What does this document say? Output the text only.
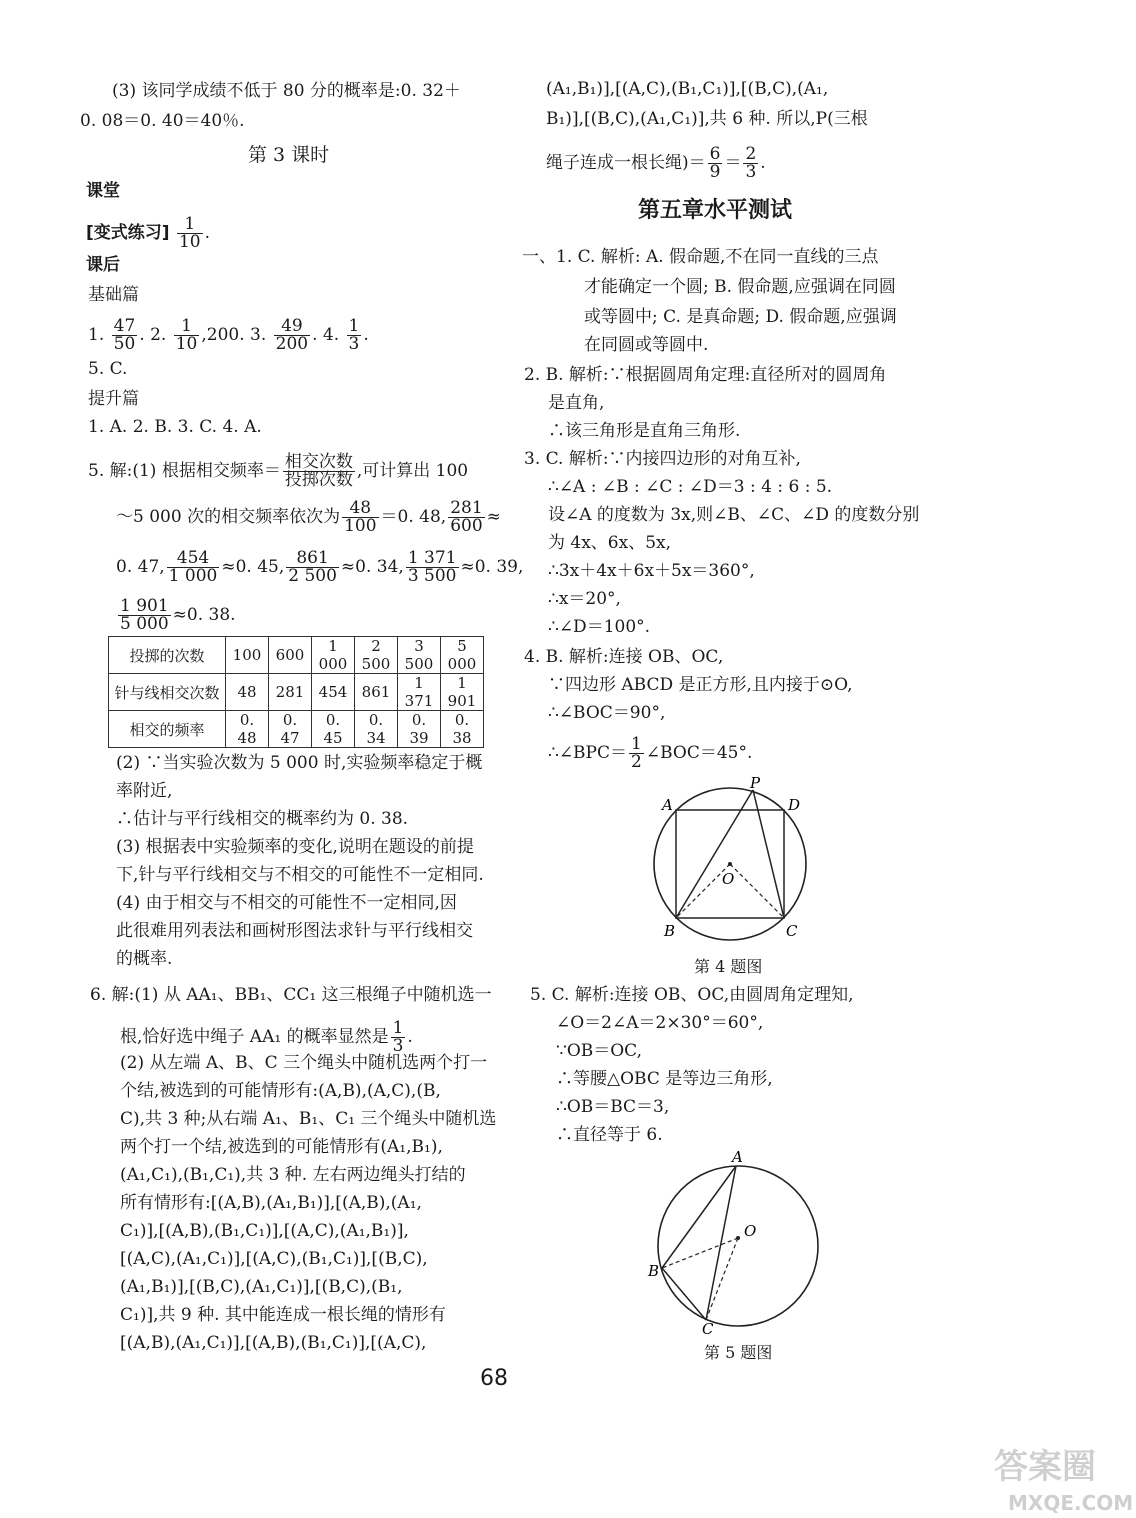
(3) 该同学成绩不低于 80 分的概率是:0. 32＋
0. 08＝0. 40＝40％.
第 3 课时
课堂
[变式练习] $\frac{1}{10}$ .
课后
基础篇
1. $\frac{47}{50}$ . 2. $\frac{1}{10} ,200$. 3. $\frac{49}{200}$ . 4. $\frac{1}{3}$ .
5. C.
提升篇
1. A. 2. B. 3. C. 4. A.
5. 解:(1) 根据相交频率＝ $\frac{\text{相交次数}}{\text{投掷次数}}$ ,可计算出 100
～5 000 次的相交频率依次为 $\frac{48}{100} =0$. 48, $\frac{281}{600}$ ≈
0. 47, $\frac{454}{1 000} \approx 0$. 45, $\frac{861}{2 500} \approx 0$. 34, $\frac{1 371}{3 500} \approx 0$. 39,
$\frac{1 901}{5 000} \approx 0$. 38.
投掷的次数	100	600	1 000	2 500	3 500	5 000
针与线相交次数	48	281	454	861	1 371	1 901
相交的频率	0. 48	0. 47	0. 45	0. 34	0. 39	0. 38
(2) ∵当实验次数为 5 000 时,实验频率稳定于概
率附近,
∴估计与平行线相交的概率约为 0. 38.
(3) 根据表中实验频率的变化,说明在题设的前提
下,针与平行线相交与不相交的可能性不一定相同.
(4) 由于相交与不相交的可能性不一定相同,因
此很难用列表法和画树形图法求针与平行线相交
的概率.
6. 解:(1) 从 AA₁、BB₁、CC₁ 这三根绳子中随机选一
根,恰好选中绳子 AA₁ 的概率显然是 $\frac{1}{3}$ .
(2) 从左端 A、B、C 三个绳头中随机选两个打一
个结,被选到的可能情形有:(A,B),(A,C),(B,
C),共 3 种;从右端 A₁、B₁、C₁ 三个绳头中随机选
两个打一个结,被选到的可能情形有(A₁,B₁),
(A₁,C₁),(B₁,C₁),共 3 种. 左右两边绳头打结的
所有情形有:[(A,B),(A₁,B₁)],[(A,B),(A₁,
C₁)],[(A,B),(B₁,C₁)],[(A,C),(A₁,B₁)],
[(A,C),(A₁,C₁)],[(A,C),(B₁,C₁)],[(B,C),
(A₁,B₁)],[(B,C),(A₁,C₁)],[(B,C),(B₁,
C₁)],共 9 种. 其中能连成一根长绳的情形有
[(A,B),(A₁,C₁)],[(A,B),(B₁,C₁)],[(A,C),
(A₁,B₁)],[(A,C),(B₁,C₁)],[(B,C),(A₁,
B₁)],[(B,C),(A₁,C₁)],共 6 种. 所以,P(三根
绳子连成一根长绳)＝ $\frac{6}{9} = \frac{2}{3}$ .
第五章水平测试
一、1. C. 解析: A. 假命题,不在同一直线的三点
才能确定一个圆; B. 假命题,应强调在同圆
或等圆中; C. 是真命题; D. 假命题,应强调
在同圆或等圆中.
2. B. 解析:∵根据圆周角定理:直径所对的圆周角
是直角,
∴该三角形是直角三角形.
3. C. 解析:∵内接四边形的对角互补,
∴∠A : ∠B : ∠C : ∠D＝3 : 4 : 6 : 5.
设∠A 的度数为 3x,则∠B、∠C、∠D 的度数分别
为 4x、6x、5x,
∴3x＋4x＋6x＋5x＝360°,
∴x＝20°,
∴∠D＝100°.
4. B. 解析:连接 OB、OC,
∵四边形 ABCD 是正方形,且内接于⊙O,
∴∠BOC＝90°,
∴∠BPC＝ $\frac{1}{2}$ ∠BOC＝45°.
A
P
D
O
B	C
第 4 题图
5. C. 解析:连接 OB、OC,由圆周角定理知,
∠O＝2∠A＝2×30°＝60°,
∵OB＝OC,
∴等腰△OBC 是等边三角形,
∴OB＝BC＝3,
∴直径等于 6.
A
O
B
C
第 5 题图
68
答案圈
MXQE.COM
